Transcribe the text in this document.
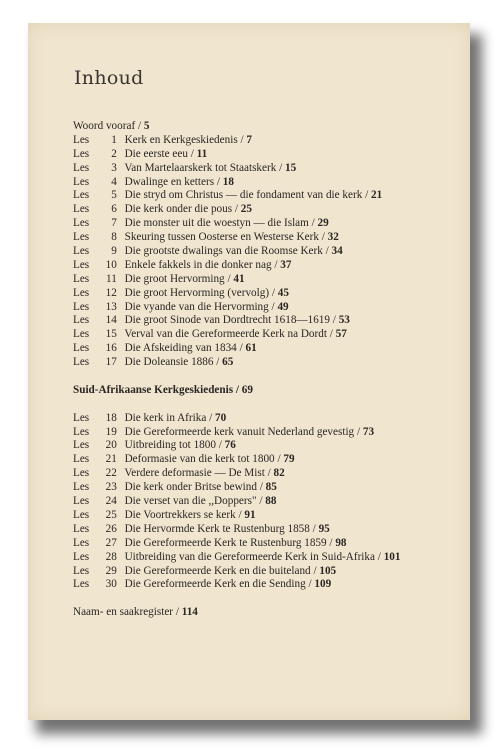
Inhoud
Woord vooraf / 5
Les 1 Kerk en Kerkgeskiedenis / 7
Les 2 Die eerste eeu / 11
Les 3 Van Martelaarskerk tot Staatskerk / 15
Les 4 Dwalinge en ketters / 18
Les 5 Die stryd om Christus — die fondament van die kerk / 21
Les 6 Die kerk onder die pous / 25
Les 7 Die monster uit die woestyn — die Islam / 29
Les 8 Skeuring tussen Oosterse en Westerse Kerk / 32
Les 9 Die grootste dwalings van die Roomse Kerk / 34
Les 10 Enkele fakkels in die donker nag / 37
Les 11 Die groot Hervorming / 41
Les 12 Die groot Hervorming (vervolg) / 45
Les 13 Die vyande van die Hervorming / 49
Les 14 Die groot Sinode van Dordtrecht 1618—1619 / 53
Les 15 Verval van die Gereformeerde Kerk na Dordt / 57
Les 16 Die Afskeiding van 1834 / 61
Les 17 Die Doleansie 1886 / 65
Suid-Afrikaanse Kerkgeskiedenis / 69
Les 18 Die kerk in Afrika / 70
Les 19 Die Gereformeerde kerk vanuit Nederland gevestig / 73
Les 20 Uitbreiding tot 1800 / 76
Les 21 Deformasie van die kerk tot 1800 / 79
Les 22 Verdere deformasie — De Mist / 82
Les 23 Die kerk onder Britse bewind / 85
Les 24 Die verset van die ,,Doppers" / 88
Les 25 Die Voortrekkers se kerk / 91
Les 26 Die Hervormde Kerk te Rustenburg 1858 / 95
Les 27 Die Gereformeerde Kerk te Rustenburg 1859 / 98
Les 28 Uitbreiding van die Gereformeerde Kerk in Suid-Afrika / 101
Les 29 Die Gereformeerde Kerk en die buiteland / 105
Les 30 Die Gereformeerde Kerk en die Sending / 109
Naam- en saakregister / 114
